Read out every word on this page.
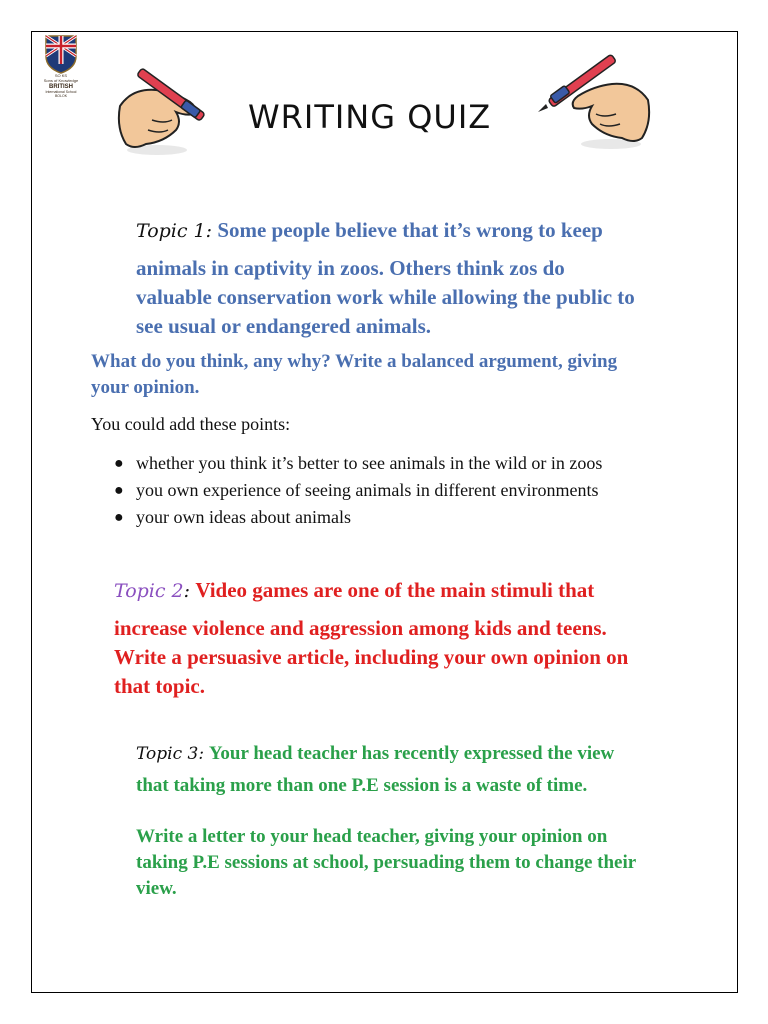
SO KS
Sons of Knowledge
BRITISH
International School
BOLOK
WRITING QUIZ
Topic 1: Some people believe that it’s wrong to keep
animals in captivity in zoos. Others think zos do
valuable conservation work while allowing the public to
see usual or endangered animals.
What do you think, any why? Write a balanced argument, giving
your opinion.
You could add these points:
● whether you think it’s better to see animals in the wild or in zoos
● you own experience of seeing animals in different environments
● your own ideas about animals
Topic 2: Video games are one of the main stimuli that
increase violence and aggression among kids and teens.
Write a persuasive article, including your own opinion on
that topic.
Topic 3: Your head teacher has recently expressed the view
that taking more than one P.E session is a waste of time.
Write a letter to your head teacher, giving your opinion on
taking P.E sessions at school, persuading them to change their
view.
